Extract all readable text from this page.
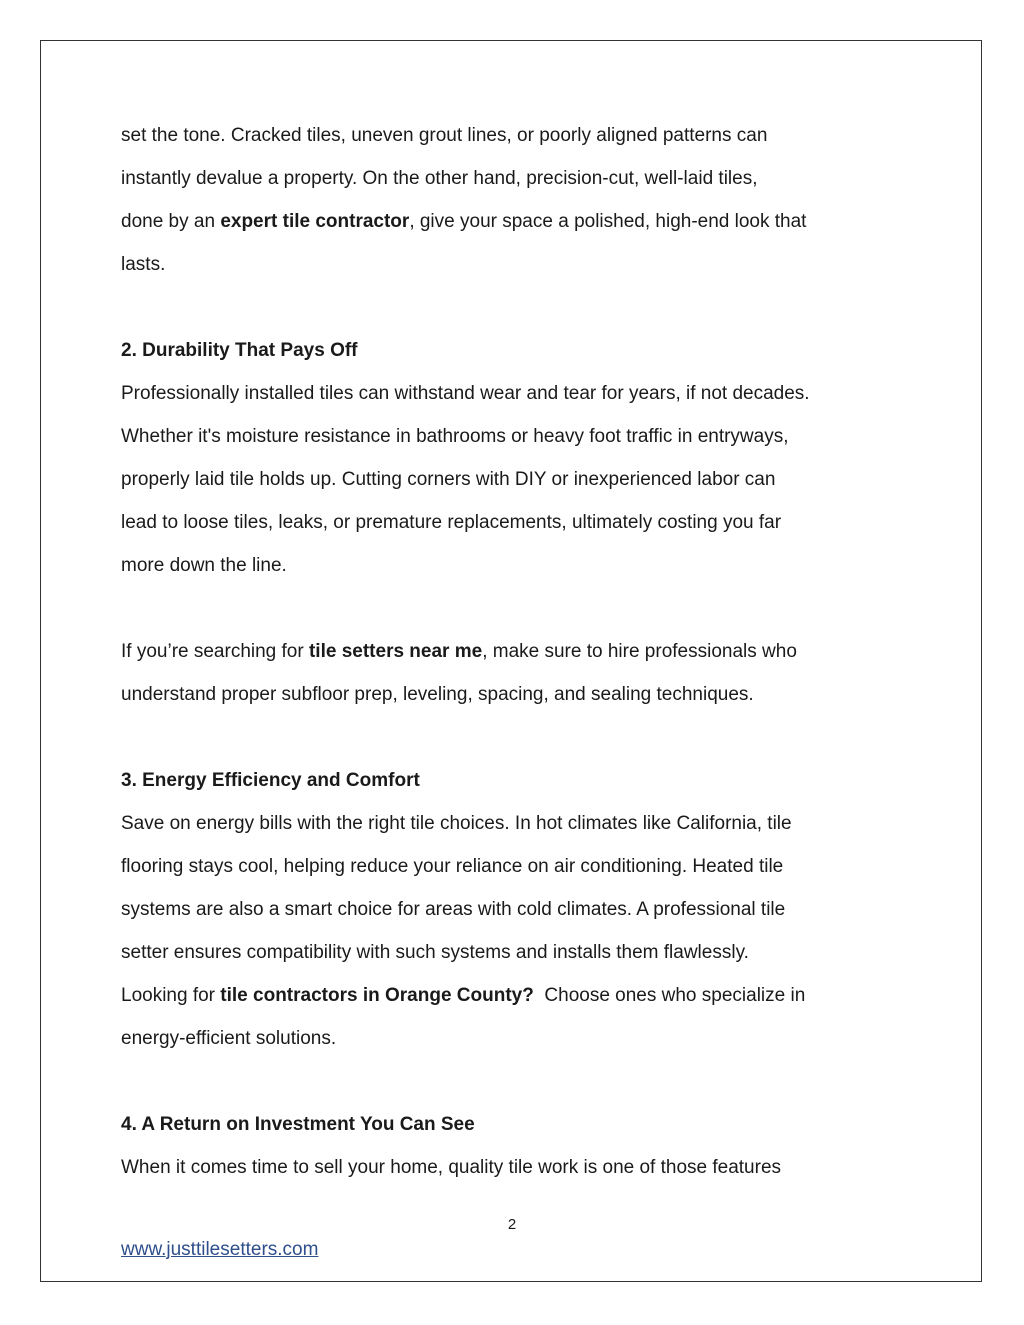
set the tone. Cracked tiles, uneven grout lines, or poorly aligned patterns can
instantly devalue a property. On the other hand, precision-cut, well-laid tiles,
done by an expert tile contractor, give your space a polished, high-end look that
lasts.
2. Durability That Pays Off
Professionally installed tiles can withstand wear and tear for years, if not decades.
Whether it's moisture resistance in bathrooms or heavy foot traffic in entryways,
properly laid tile holds up. Cutting corners with DIY or inexperienced labor can
lead to loose tiles, leaks, or premature replacements, ultimately costing you far
more down the line.
If you’re searching for tile setters near me, make sure to hire professionals who
understand proper subfloor prep, leveling, spacing, and sealing techniques.
3. Energy Efficiency and Comfort
Save on energy bills with the right tile choices. In hot climates like California, tile
flooring stays cool, helping reduce your reliance on air conditioning. Heated tile
systems are also a smart choice for areas with cold climates. A professional tile
setter ensures compatibility with such systems and installs them flawlessly.
Looking for tile contractors in Orange County?  Choose ones who specialize in
energy-efficient solutions.
4. A Return on Investment You Can See
When it comes time to sell your home, quality tile work is one of those features
2
www.justtilesetters.com
